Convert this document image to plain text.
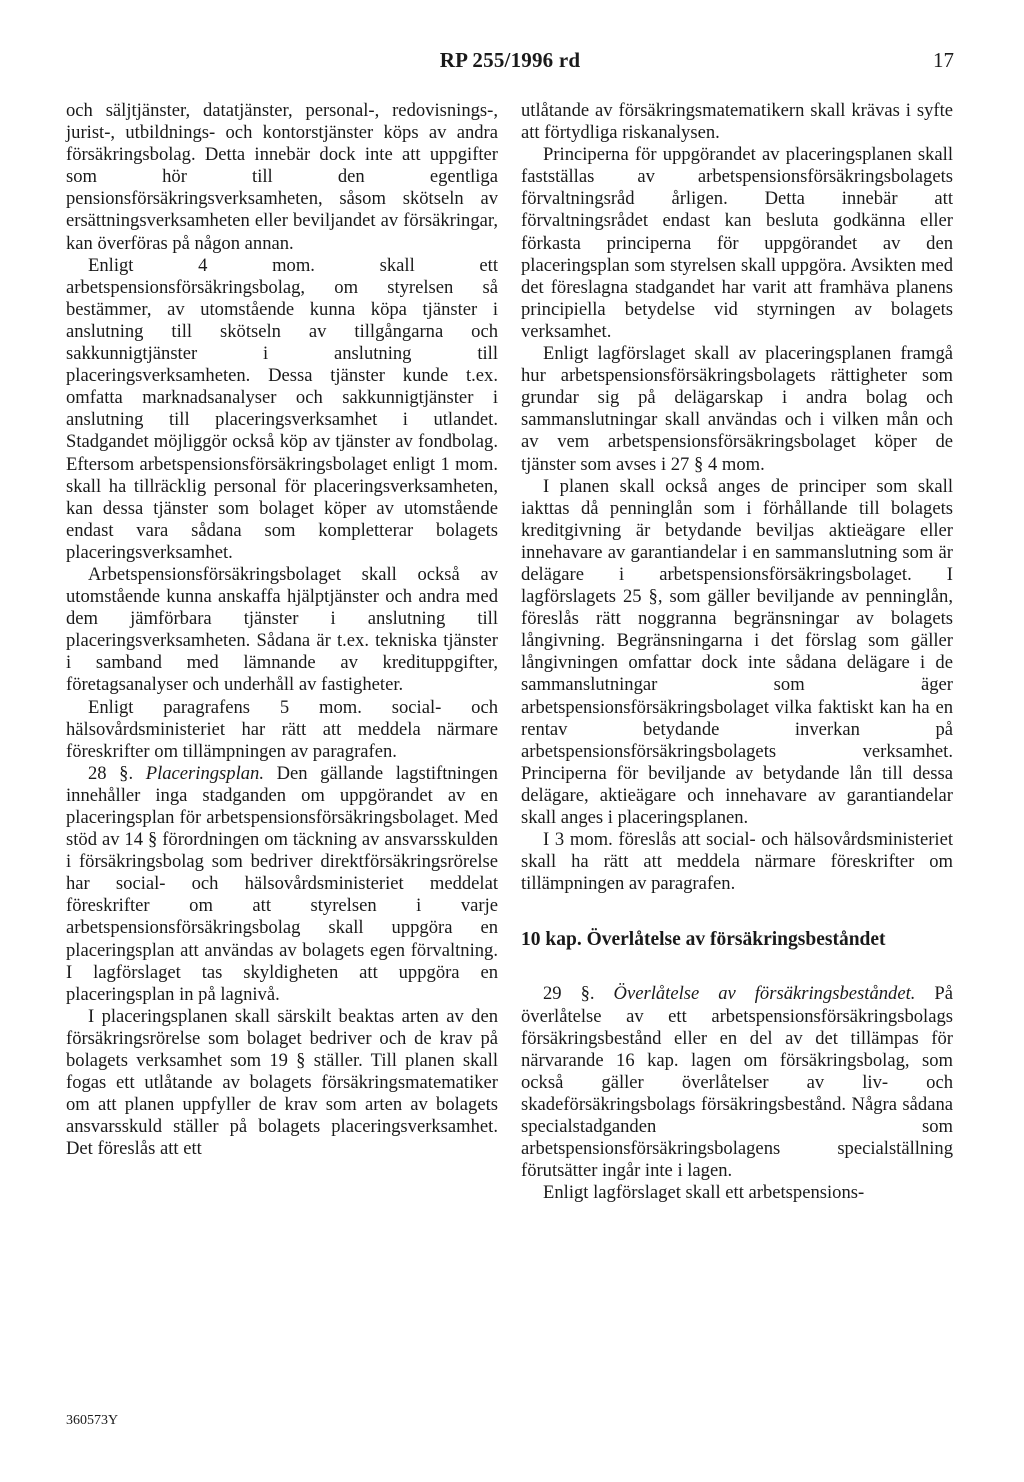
RP 255/1996 rd	17

och säljtjänster, datatjänster, personal-, redovisnings-, jurist-, utbildnings- och kontorstjänster köps av andra försäkringsbolag. Detta innebär dock inte att uppgifter som hör till den egentliga pensionsförsäkringsverksamheten, såsom skötseln av ersättningsverksamheten eller beviljandet av försäkringar, kan överföras på någon annan.

Enligt 4 mom. skall ett arbetspensionsförsäkringsbolag, om styrelsen så bestämmer, av utomstående kunna köpa tjänster i anslutning till skötseln av tillgångarna och sakkunnigtjänster i anslutning till placeringsverksamheten. Dessa tjänster kunde t.ex. omfatta marknadsanalyser och sakkunnigtjänster i anslutning till placeringsverksamhet i utlandet. Stadgandet möjliggör också köp av tjänster av fondbolag. Eftersom arbetspensionsförsäkringsbolaget enligt 1 mom. skall ha tillräcklig personal för placeringsverksamheten, kan dessa tjänster som bolaget köper av utomstående endast vara sådana som kompletterar bolagets placeringsverksamhet.

Arbetspensionsförsäkringsbolaget skall också av utomstående kunna anskaffa hjälptjänster och andra med dem jämförbara tjänster i anslutning till placeringsverksamheten. Sådana är t.ex. tekniska tjänster i samband med lämnande av kredituppgifter, företagsanalyser och underhåll av fastigheter.

Enligt paragrafens 5 mom. social- och hälsovårdsministeriet har rätt att meddela närmare föreskrifter om tillämpningen av paragrafen.

28 §. Placeringsplan. Den gällande lagstiftningen innehåller inga stadganden om uppgörandet av en placeringsplan för arbetspensionsförsäkringsbolaget. Med stöd av 14 § förordningen om täckning av ansvarsskulden i försäkringsbolag som bedriver direktförsäkringsrörelse har social- och hälsovårdsministeriet meddelat föreskrifter om att styrelsen i varje arbetspensionsförsäkringsbolag skall uppgöra en placeringsplan att användas av bolagets egen förvaltning. I lagförslaget tas skyldigheten att uppgöra en placeringsplan in på lagnivå.

I placeringsplanen skall särskilt beaktas arten av den försäkringsrörelse som bolaget bedriver och de krav på bolagets verksamhet som 19 § ställer. Till planen skall fogas ett utlåtande av bolagets försäkringsmatematiker om att planen uppfyller de krav som arten av bolagets ansvarsskuld ställer på bolagets placeringsverksamhet. Det föreslås att ett

utlåtande av försäkringsmatematikern skall krävas i syfte att förtydliga riskanalysen.

Principerna för uppgörandet av placeringsplanen skall fastställas av arbetspensionsförsäkringsbolagets förvaltningsråd årligen. Detta innebär att förvaltningsrådet endast kan besluta godkänna eller förkasta principerna för uppgörandet av den placeringsplan som styrelsen skall uppgöra. Avsikten med det föreslagna stadgandet har varit att framhäva planens principiella betydelse vid styrningen av bolagets verksamhet.

Enligt lagförslaget skall av placeringsplanen framgå hur arbetspensionsförsäkringsbolagets rättigheter som grundar sig på delägarskap i andra bolag och sammanslutningar skall användas och i vilken mån och av vem arbetspensionsförsäkringsbolaget köper de tjänster som avses i 27 § 4 mom.

I planen skall också anges de principer som skall iakttas då penninglån som i förhållande till bolagets kreditgivning är betydande beviljas aktieägare eller innehavare av garantiandelar i en sammanslutning som är delägare i arbetspensionsförsäkringsbolaget. I lagförslagets 25 §, som gäller beviljande av penninglån, föreslås rätt noggranna begränsningar av bolagets långivning. Begränsningarna i det förslag som gäller långivningen omfattar dock inte sådana delägare i de sammanslutningar som äger arbetspensionsförsäkringsbolaget vilka faktiskt kan ha en rentav betydande inverkan på arbetspensionsförsäkringsbolagets verksamhet. Principerna för beviljande av betydande lån till dessa delägare, aktieägare och innehavare av garantiandelar skall anges i placeringsplanen.

I 3 mom. föreslås att social- och hälsovårdsministeriet skall ha rätt att meddela närmare föreskrifter om tillämpningen av paragrafen.

10 kap. Överlåtelse av försäkringsbeståndet

29 §. Överlåtelse av försäkringsbeståndet. På överlåtelse av ett arbetspensionsförsäkringsbolags försäkringsbestånd eller en del av det tillämpas för närvarande 16 kap. lagen om försäkringsbolag, som också gäller överlåtelser av liv- och skadeförsäkringsbolags försäkringsbestånd. Några sådana specialstadganden som arbetspensionsförsäkringsbolagens specialställning förutsätter ingår inte i lagen.

Enligt lagförslaget skall ett arbetspensions-

360573Y
